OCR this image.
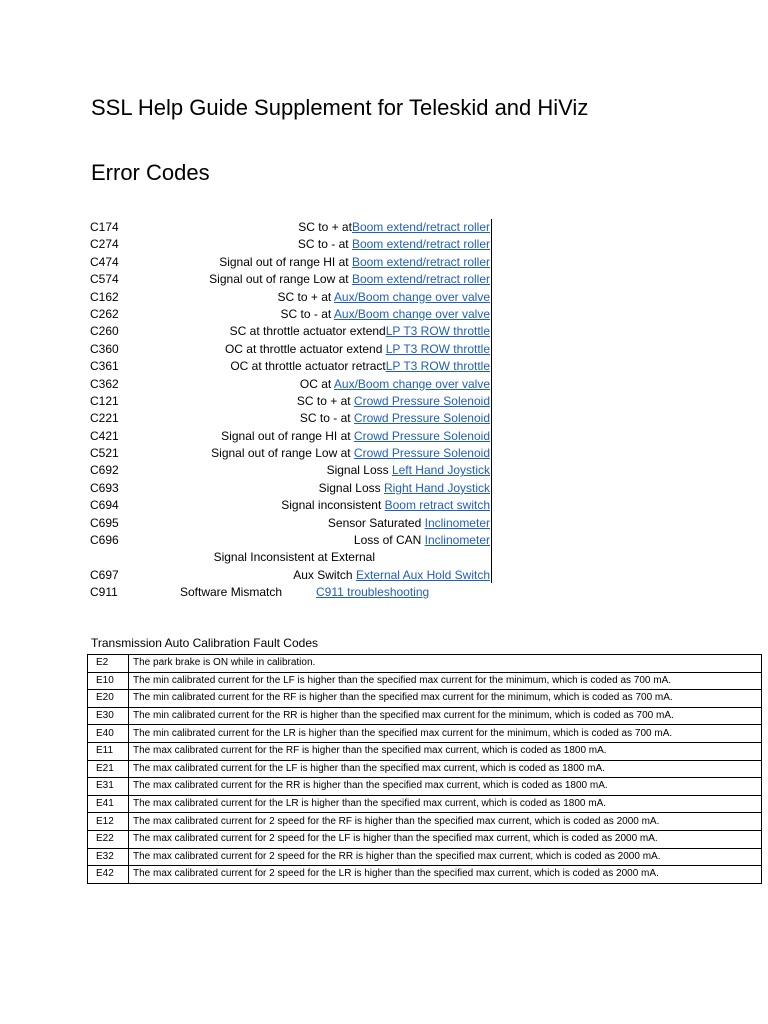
SSL Help Guide Supplement for Teleskid and HiViz
Error Codes
C174	SC to + atBoom extend/retract roller
C274	SC to - at Boom extend/retract roller
C474	Signal out of range HI at Boom extend/retract roller
C574	Signal out of range Low at Boom extend/retract roller
C162	SC to + at Aux/Boom change over valve
C262	SC to - at Aux/Boom change over valve
C260	SC at throttle actuator extendLP T3 ROW throttle
C360	OC at throttle actuator extend LP T3 ROW throttle
C361	OC at throttle actuator retractLP T3 ROW throttle
C362	OC at Aux/Boom change over valve
C121	SC to + at Crowd Pressure Solenoid
C221	SC to - at Crowd Pressure Solenoid
C421	Signal out of range HI at Crowd Pressure Solenoid
C521	Signal out of range Low at Crowd Pressure Solenoid
C692	Signal Loss Left Hand Joystick
C693	Signal Loss Right Hand Joystick
C694	Signal inconsistent Boom retract switch
C695	Sensor Saturated Inclinometer
C696	Loss of CAN Inclinometer
Signal Inconsistent at External
C697	Aux Switch External Aux Hold Switch
C911	Software Mismatch	C911 troubleshooting
Transmission Auto Calibration Fault Codes
E2	The park brake is ON while in calibration.
E10	The min calibrated current for the LF is higher than the specified max current for the minimum, which is coded as 700 mA.
E20	The min calibrated current for the RF is higher than the specified max current for the minimum, which is coded as 700 mA.
E30	The min calibrated current for the RR is higher than the specified max current for the minimum, which is coded as 700 mA.
E40	The min calibrated current for the LR is higher than the specified max current for the minimum, which is coded as 700 mA.
E11	The max calibrated current for the RF is higher than the specified max current, which is coded as 1800 mA.
E21	The max calibrated current for the LF is higher than the specified max current, which is coded as 1800 mA.
E31	The max calibrated current for the RR is higher than the specified max current, which is coded as 1800 mA.
E41	The max calibrated current for the LR is higher than the specified max current, which is coded as 1800 mA.
E12	The max calibrated current for 2 speed for the RF is higher than the specified max current, which is coded as 2000 mA.
E22	The max calibrated current for 2 speed for the LF is higher than the specified max current, which is coded as 2000 mA.
E32	The max calibrated current for 2 speed for the RR is higher than the specified max current, which is coded as 2000 mA.
E42	The max calibrated current for 2 speed for the LR is higher than the specified max current, which is coded as 2000 mA.
